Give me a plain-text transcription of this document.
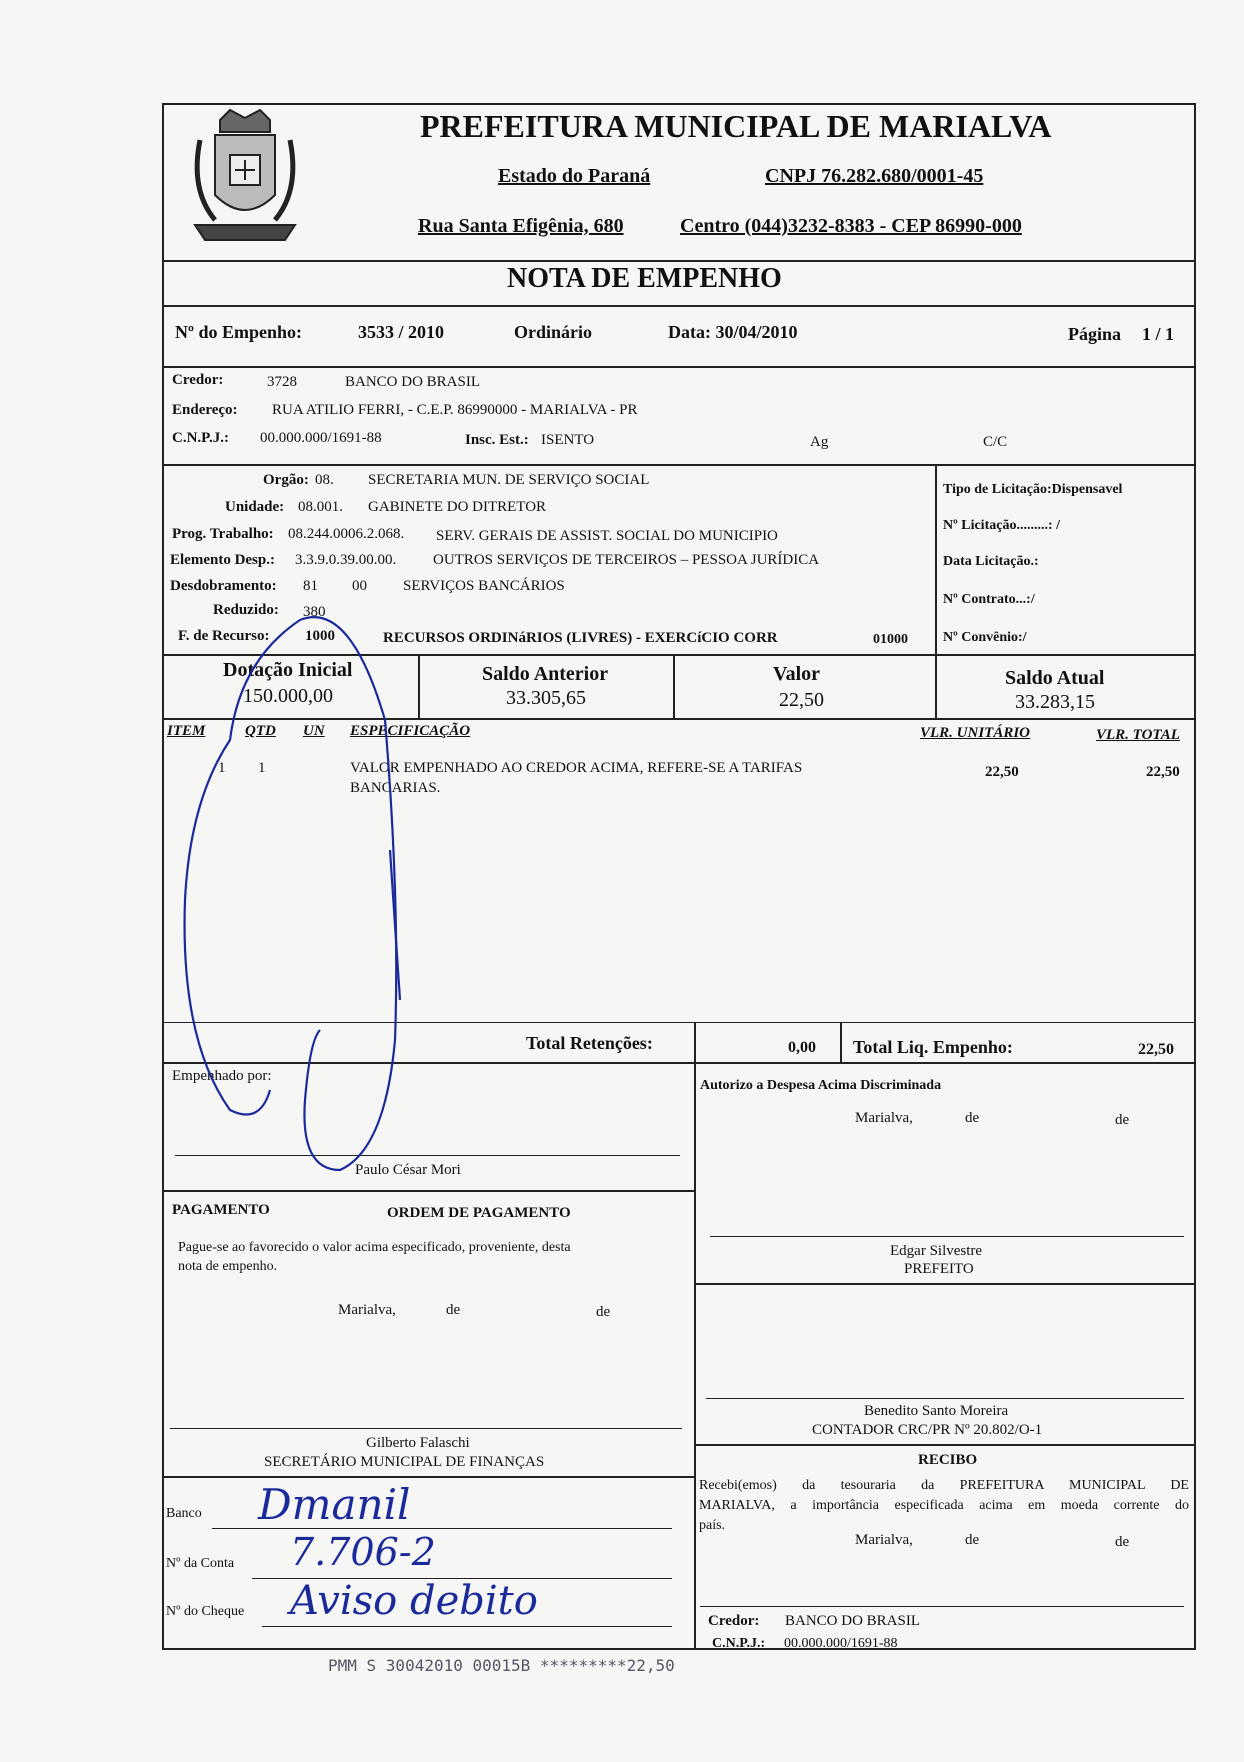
PREFEITURA MUNICIPAL DE MARIALVA
Estado do Paraná	CNPJ 76.282.680/0001-45
Rua Santa Efigênia, 680	Centro (044)3232-8383 - CEP 86990-000
NOTA DE EMPENHO
Nº do Empenho:	3533 / 2010	Ordinário	Data: 30/04/2010	Página 1 / 1
Credor:	3728	BANCO DO BRASIL
Endereço: RUA ATILIO FERRI, - C.E.P. 86990000 - MARIALVA - PR
C.N.P.J.: 00.000.000/1691-88	Insc. Est.: ISENTO	Ag	C/C
Orgão: 08. SECRETARIA MUN. DE SERVIÇO SOCIAL
Unidade: 08.001. GABINETE DO DITRETOR
Prog. Trabalho: 08.244.0006.2.068. SERV. GERAIS DE ASSIST. SOCIAL DO MUNICIPIO
Elemento Desp.: 3.3.9.0.39.00.00. OUTROS SERVIÇOS DE TERCEIROS – PESSOA JURÍDICA
Desdobramento: 81 00 SERVIÇOS BANCÁRIOS
Reduzido: 380
F. de Recurso: 1000	RECURSOS ORDINáRIOS (LIVRES) - EXERCíCIO CORR	01000
Tipo de Licitação:Dispensavel
Nº Licitação.........: /
Data Licitação.:
Nº Contrato...:/
Nº Convênio:/
Dotação Inicial
150.000,00
Saldo Anterior
33.305,65
Valor
22,50
Saldo Atual
33.283,15
ITEM	QTD UN ESPECIFICAÇÃO	VLR. UNITÁRIO	VLR. TOTAL
1 1	VALOR EMPENHADO AO CREDOR ACIMA, REFERE-SE A TARIFAS
BANCARIAS.
22,50	22,50
Total Retenções:	0,00 Total Liq. Empenho:	22,50
Empenhado por:
Paulo César Mori
PAGAMENTO	ORDEM DE PAGAMENTO
Pague-se ao favorecido o valor acima especificado, proveniente, desta
nota de empenho.
Marialva,	de	de
Gilberto Falaschi
SECRETÁRIO MUNICIPAL DE FINANÇAS
Banco Dmanil
Nº da Conta 7.706-2
Nº do Cheque Aviso debito
Autorizo a Despesa Acima Discriminada
Marialva,	de	de
Edgar Silvestre
PREFEITO
Benedito Santo Moreira
CONTADOR CRC/PR Nº 20.802/O-1
RECIBO
Recebi(emos) da tesouraria da PREFEITURA MUNICIPAL DE
MARIALVA, a importância especificada acima em moeda corrente do
país.
Marialva,	de	de
Credor: BANCO DO BRASIL
C.N.P.J.: 00.000.000/1691-88
PMM S 30042010 00015B *********22,50
